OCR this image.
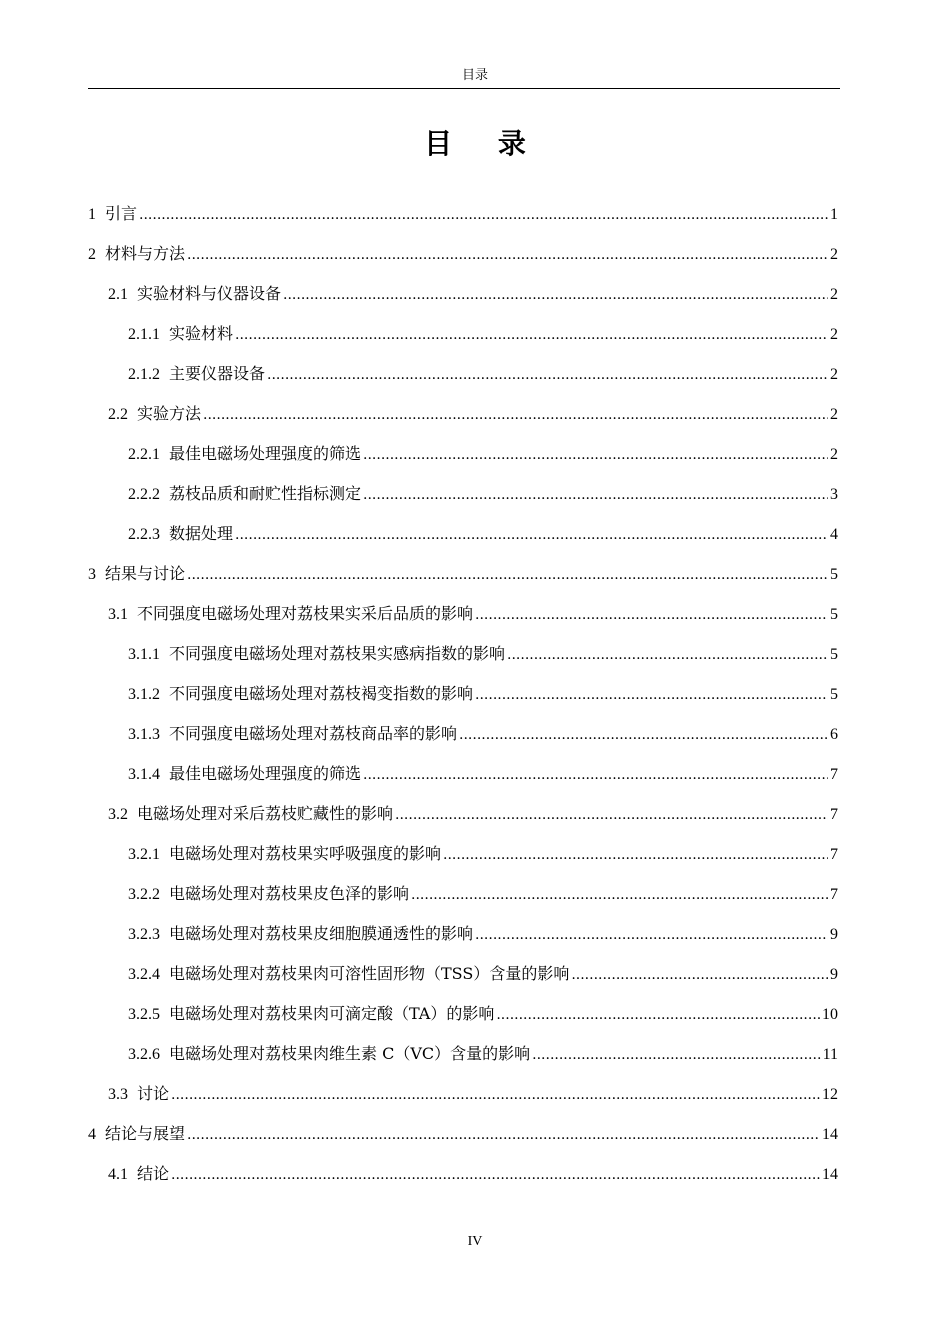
目录
目 录
1 引言 .....	1
2 材料与方法 .....	2
2.1 实验材料与仪器设备 .....	2
2.1.1 实验材料 .....	2
2.1.2 主要仪器设备 .....	2
2.2 实验方法 .....	2
2.2.1 最佳电磁场处理强度的筛选 .....	2
2.2.2 荔枝品质和耐贮性指标测定 .....	3
2.2.3 数据处理 .....	4
3 结果与讨论 .....	5
3.1 不同强度电磁场处理对荔枝果实采后品质的影响 .....	5
3.1.1 不同强度电磁场处理对荔枝果实感病指数的影响 .....	5
3.1.2 不同强度电磁场处理对荔枝褐变指数的影响 .....	5
3.1.3 不同强度电磁场处理对荔枝商品率的影响 .....	6
3.1.4 最佳电磁场处理强度的筛选 .....	7
3.2 电磁场处理对采后荔枝贮藏性的影响 .....	7
3.2.1 电磁场处理对荔枝果实呼吸强度的影响 .....	7
3.2.2 电磁场处理对荔枝果皮色泽的影响 .....	7
3.2.3 电磁场处理对荔枝果皮细胞膜通透性的影响 .....	9
3.2.4 电磁场处理对荔枝果肉可溶性固形物（TSS）含量的影响 .....	9
3.2.5 电磁场处理对荔枝果肉可滴定酸（TA）的影响 .....	10
3.2.6 电磁场处理对荔枝果肉维生素 C（VC）含量的影响 .....	11
3.3 讨论 .....	12
4 结论与展望 .....	14
4.1 结论 .....	14
IV
